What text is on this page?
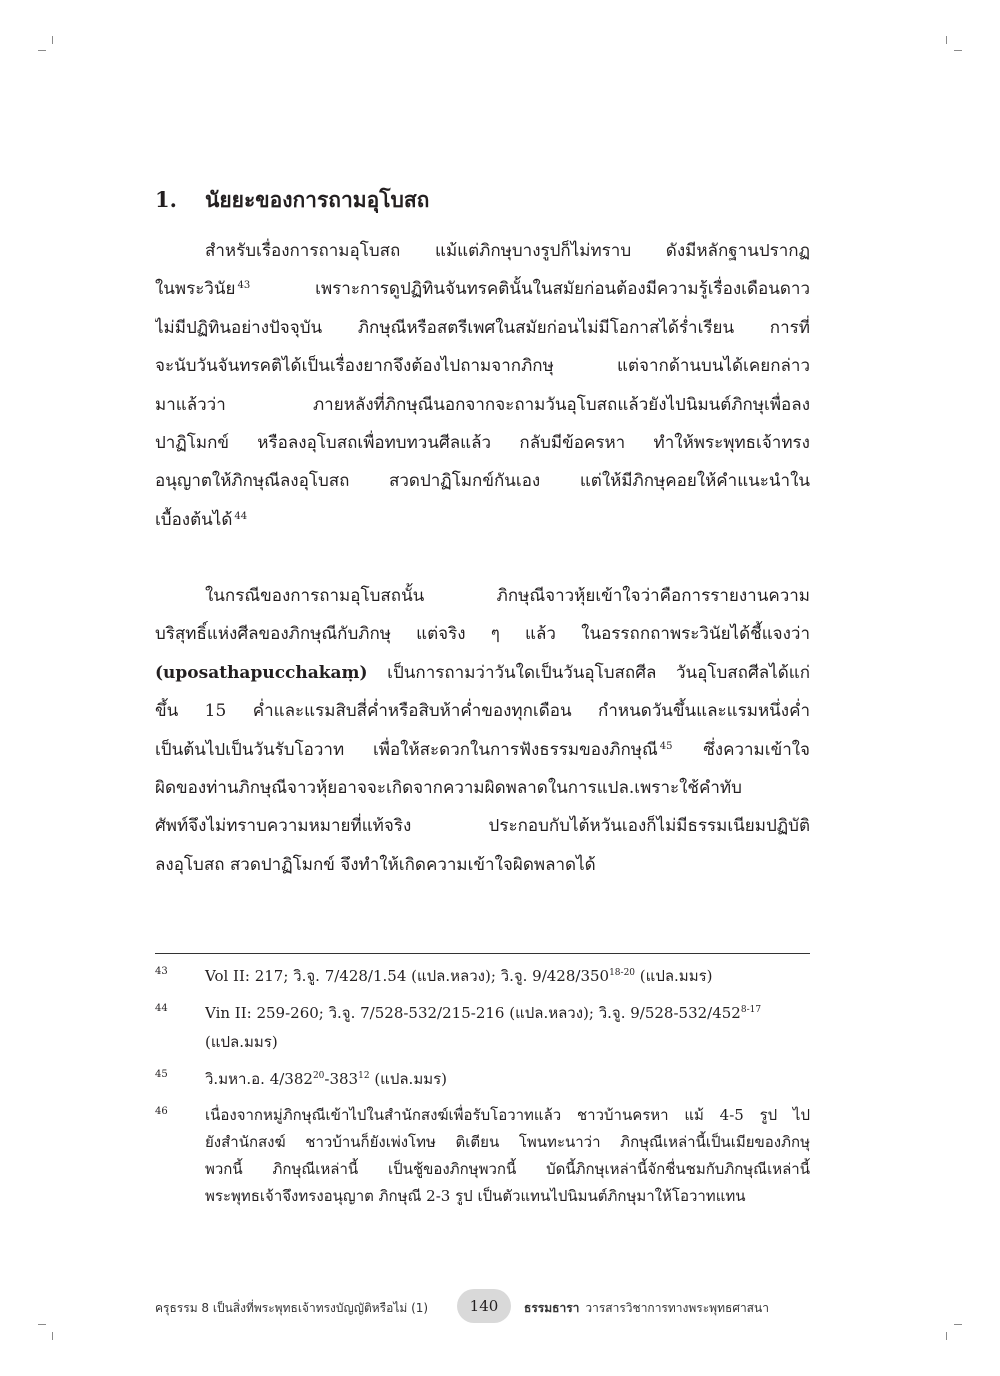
1. นัยยะของการถามอุโบสถ
สำหรับเรื่องการถามอุโบสถ แม้แต่ภิกษุบางรูปก็ไม่ทราบ ดังมีหลักฐานปรากฏ
ในพระวินัย $^{43}$	เพราะการดูปฏิทินจันทรคตินั้นในสมัยก่อนต้องมีความรู้เรื่องเดือนดาว
ไม่มีปฏิทินอย่างปัจจุบัน ภิกษุณีหรือสตรีเพศในสมัยก่อนไม่มีโอกาสได้ร่ำเรียน การที่
จะนับวันจันทรคติได้เป็นเรื่องยากจึงต้องไปถามจากภิกษุ แต่จากด้านบนได้เคยกล่าว
มาแล้วว่า ภายหลังที่ภิกษุณีนอกจากจะถามวันอุโบสถแล้วยังไปนิมนต์ภิกษุเพื่อลง
ปาฏิโมกข์ หรือลงอุโบสถเพื่อทบทวนศีลแล้ว กลับมีข้อครหา ทำให้พระพุทธเจ้าทรง
อนุญาตให้ภิกษุณีลงอุโบสถ สวดปาฏิโมกข์กันเอง แต่ให้มีภิกษุคอยให้คำแนะนำใน
เบื้องต้นได้ $^{44}$
ในกรณีของการถามอุโบสถนั้น ภิกษุณีจาวหุ้ยเข้าใจว่าคือการรายงานความ
บริสุทธิ์แห่งศีลของภิกษุณีกับภิกษุ แต่จริง ๆ แล้ว ในอรรถกถาพระวินัยได้ชี้แจงว่า
(uposathapucchakaṃ) เป็นการถามว่าวันใดเป็นวันอุโบสถศีล วันอุโบสถศีลได้แก่
ขึ้น 15 ค่ำและแรมสิบสี่ค่ำหรือสิบห้าค่ำของทุกเดือน กำหนดวันขึ้นและแรมหนึ่งค่ำ
เป็นต้นไปเป็นวันรับโอวาท เพื่อให้สะดวกในการฟังธรรมของภิกษุณี $^{45}$ ซึ่งความเข้าใจ
ผิดของท่านภิกษุณีจาวหุ้ยอาจจะเกิดจากความผิดพลาดในการแปล.เพราะใช้คำทับ
ศัพท์จึงไม่ทราบความหมายที่แท้จริง ประกอบกับไต้หวันเองก็ไม่มีธรรมเนียมปฏิบัติ
ลงอุโบสถ สวดปาฏิโมกข์ จึงทำให้เกิดความเข้าใจผิดพลาดได้
43 Vol II: 217; วิ.จู. 7/428/1.54 (แปล.หลวง); วิ.จู. 9/428/350$^{18-20}$ (แปล.มมร)
44 Vin II: 259-260; วิ.จู. 7/528-532/215-216 (แปล.หลวง); วิ.จู. 9/528-532/452$^{8-17}$
(แปล.มมร)
45 วิ.มหา.อ. $4/382^{20}-383^{12}$ (แปล.มมร)
46 เนื่องจากหมู่ภิกษุณีเข้าไปในสำนักสงฆ์เพื่อรับโอวาทแล้ว ชาวบ้านครหา แม้ 4-5 รูป ไป
ยังสำนักสงฆ์ ชาวบ้านก็ยังเพ่งโทษ ติเตียน โพนทะนาว่า ภิกษุณีเหล่านี้เป็นเมียของภิกษุ
พวกนี้ ภิกษุณีเหล่านี้ เป็นชู้ของภิกษุพวกนี้ บัดนี้ภิกษุเหล่านี้จักชื่นชมกับภิกษุณีเหล่านี้
พระพุทธเจ้าจึงทรงอนุญาต ภิกษุณี 2-3 รูป เป็นตัวแทนไปนิมนต์ภิกษุมาให้โอวาทแทน
ครุธรรม 8 เป็นสิ่งที่พระพุทธเจ้าทรงบัญญัติหรือไม่ (1)	140 ธรรมธารา วารสารวิชาการทางพระพุทธศาสนา
